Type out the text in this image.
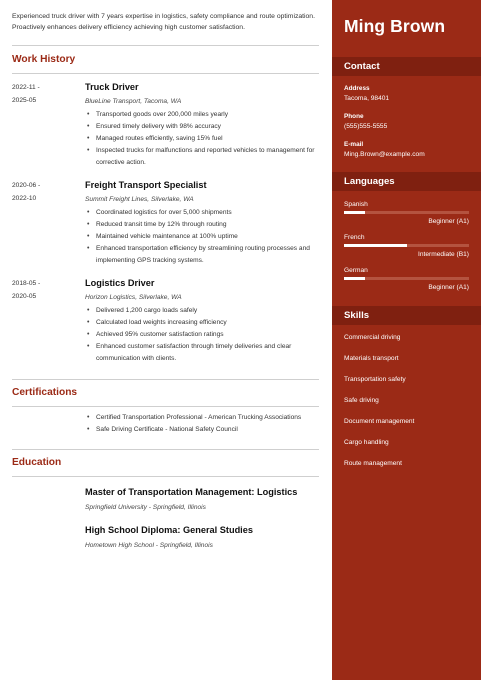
Experienced truck driver with 7 years expertise in logistics, safety compliance and route optimization. Proactively enhances delivery efficiency achieving high customer satisfaction.

Work History
2022-11 -
2025-05
Truck Driver
BlueLine Transport, Tacoma, WA
• Transported goods over 200,000 miles yearly
• Ensured timely delivery with 98% accuracy
• Managed routes efficiently, saving 15% fuel
• Inspected trucks for malfunctions and reported vehicles to management for corrective action.
2020-06 -
2022-10
Freight Transport Specialist
Summit Freight Lines, Silverlake, WA
• Coordinated logistics for over 5,000 shipments
• Reduced transit time by 12% through routing
• Maintained vehicle maintenance at 100% uptime
• Enhanced transportation efficiency by streamlining routing processes and implementing GPS tracking systems.
2018-05 -
2020-05
Logistics Driver
Horizon Logistics, Silverlake, WA
• Delivered 1,200 cargo loads safely
• Calculated load weights increasing efficiency
• Achieved 95% customer satisfaction ratings
• Enhanced customer satisfaction through timely deliveries and clear communication with clients.
Certifications
• Certified Transportation Professional - American Trucking Associations
• Safe Driving Certificate - National Safety Council
Education
Master of Transportation Management: Logistics
Springfield University - Springfield, Illinois
High School Diploma: General Studies
Hometown High School - Springfield, Illinois
Ming Brown
Contact
Address
Tacoma, 98401
Phone
(555)555-5555
E-mail
Ming.Brown@example.com
Languages
Spanish
Beginner (A1)
French
Intermediate (B1)
German
Beginner (A1)
Skills
Commercial driving
Materials transport
Transportation safety
Safe driving
Document management
Cargo handling
Route management
